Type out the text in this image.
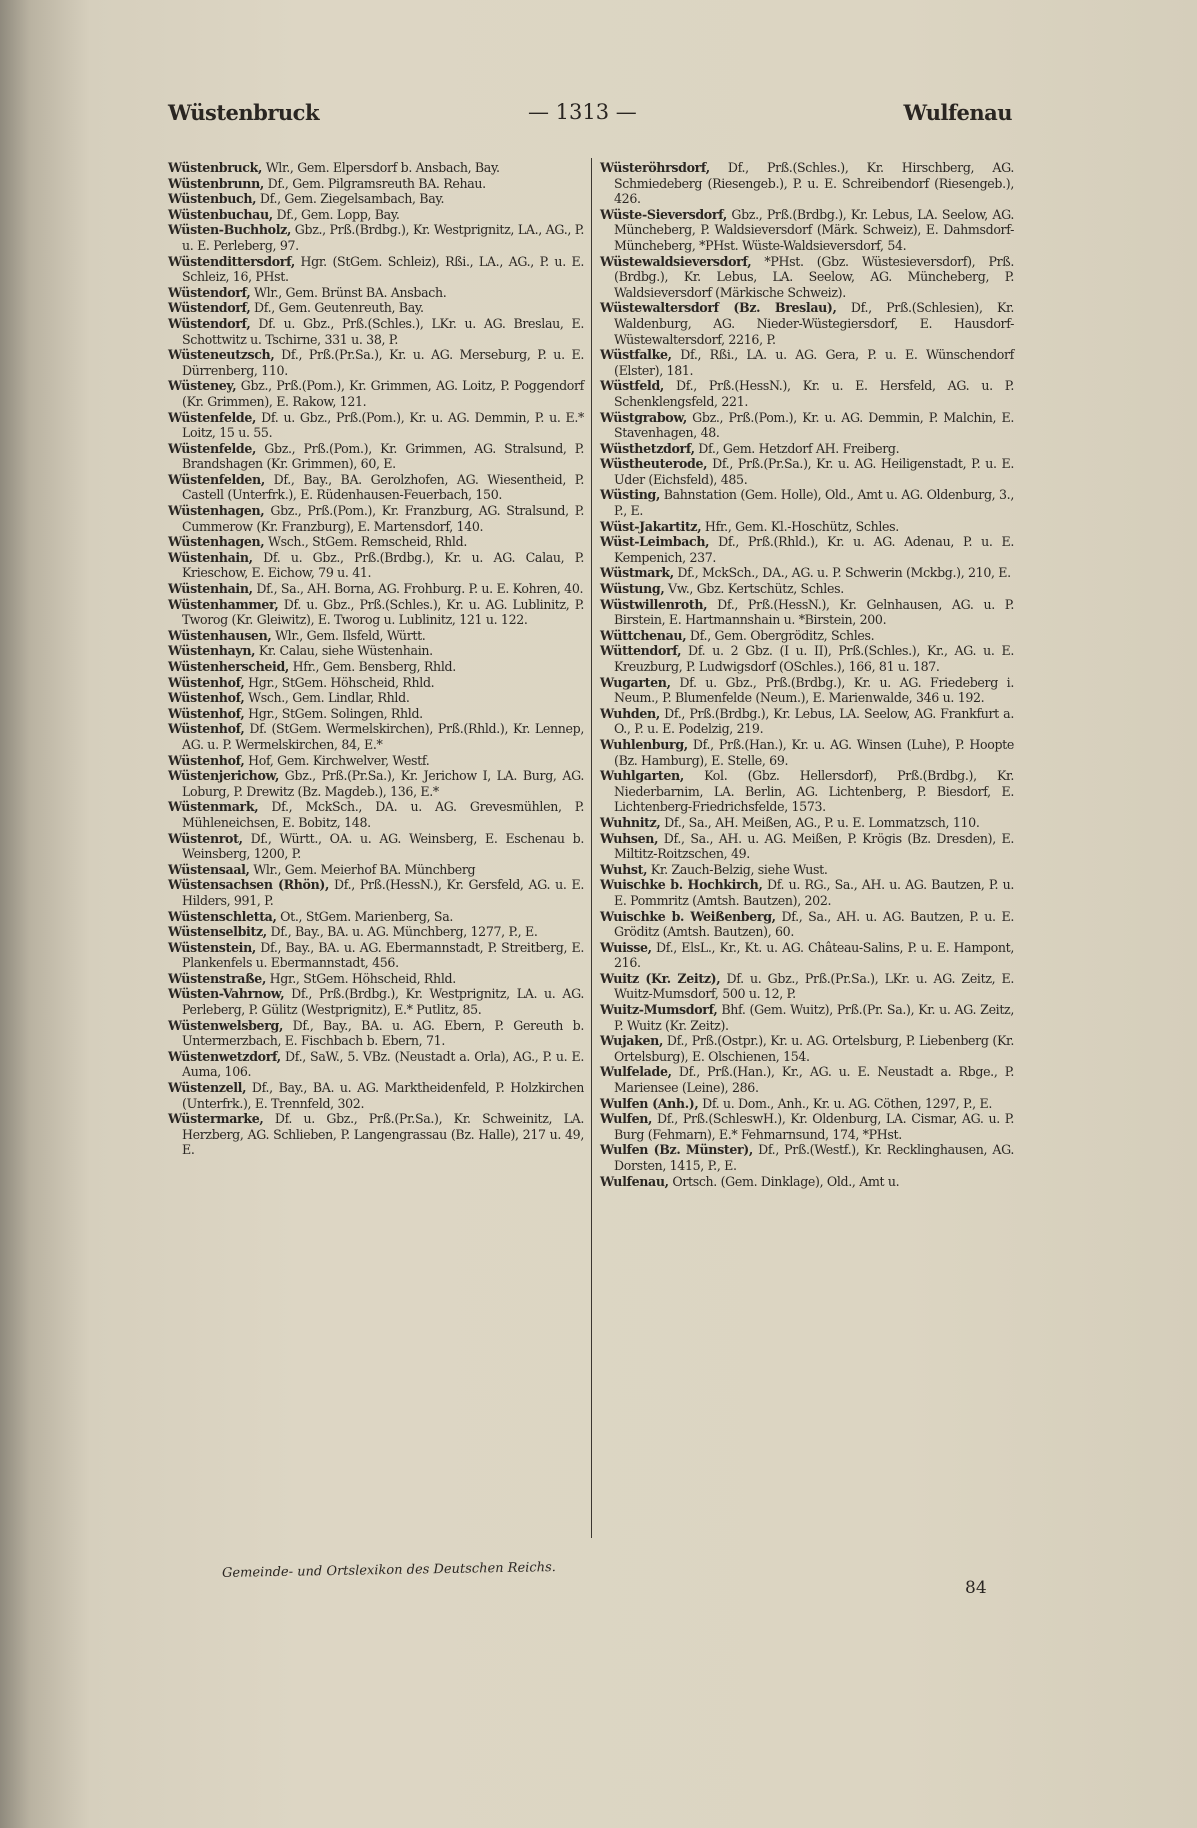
Wüstenbruck	— 1313 —	Wulfenau

Wüstenbruck, Wlr., Gem. Elpersdorf b. Ansbach, Bay.

Wüstenbrunn, Df., Gem. Pilgramsreuth BA. Rehau.

Wüstenbuch, Df., Gem. Ziegelsambach, Bay.

Wüstenbuchau, Df., Gem. Lopp, Bay.

Wüsten-Buchholz, Gbz., Prß.(Brdbg.), Kr. Westprignitz, LA., AG., P. u. E. Perleberg, 97.

Wüstendittersdorf, Hgr. (StGem. Schleiz), Rßi., LA., AG., P. u. E. Schleiz, 16, PHst.

Wüstendorf, Wlr., Gem. Brünst BA. Ansbach.

Wüstendorf, Df., Gem. Geutenreuth, Bay.

Wüstendorf, Df. u. Gbz., Prß.(Schles.), LKr. u. AG. Breslau, E. Schottwitz u. Tschirne, 331 u. 38, P.

Wüsteneutzsch, Df., Prß.(Pr.Sa.), Kr. u. AG. Merseburg, P. u. E. Dürrenberg, 110.

Wüsteney, Gbz., Prß.(Pom.), Kr. Grimmen, AG. Loitz, P. Poggendorf (Kr. Grimmen), E. Rakow, 121.

Wüstenfelde, Df. u. Gbz., Prß.(Pom.), Kr. u. AG. Demmin, P. u. E.* Loitz, 15 u. 55.

Wüstenfelde, Gbz., Prß.(Pom.), Kr. Grimmen, AG. Stralsund, P. Brandshagen (Kr. Grimmen), 60, E.

Wüstenfelden, Df., Bay., BA. Gerolzhofen, AG. Wiesentheid, P. Castell (Unterfrk.), E. Rüdenhausen-Feuerbach, 150.

Wüstenhagen, Gbz., Prß.(Pom.), Kr. Franzburg, AG. Stralsund, P. Cummerow (Kr. Franzburg), E. Martensdorf, 140.

Wüstenhagen, Wsch., StGem. Remscheid, Rhld.

Wüstenhain, Df. u. Gbz., Prß.(Brdbg.), Kr. u. AG. Calau, P. Krieschow, E. Eichow, 79 u. 41.

Wüstenhain, Df., Sa., AH. Borna, AG. Frohburg. P. u. E. Kohren, 40.

Wüstenhammer, Df. u. Gbz., Prß.(Schles.), Kr. u. AG. Lublinitz, P. Tworog (Kr. Gleiwitz), E. Tworog u. Lublinitz, 121 u. 122.

Wüstenhausen, Wlr., Gem. Ilsfeld, Württ.

Wüstenhayn, Kr. Calau, siehe Wüstenhain.

Wüstenherscheid, Hfr., Gem. Bensberg, Rhld.

Wüstenhof, Hgr., StGem. Höhscheid, Rhld.

Wüstenhof, Wsch., Gem. Lindlar, Rhld.

Wüstenhof, Hgr., StGem. Solingen, Rhld.

Wüstenhof, Df. (StGem. Wermelskirchen), Prß.(Rhld.), Kr. Lennep, AG. u. P. Wermelskirchen, 84, E.*

Wüstenhof, Hof, Gem. Kirchwelver, Westf.

Wüstenjerichow, Gbz., Prß.(Pr.Sa.), Kr. Jerichow I, LA. Burg, AG. Loburg, P. Drewitz (Bz. Magdeb.), 136, E.*

Wüstenmark, Df., MckSch., DA. u. AG. Grevesmühlen, P. Mühleneichsen, E. Bobitz, 148.

Wüstenrot, Df., Württ., OA. u. AG. Weinsberg, E. Eschenau b. Weinsberg, 1200, P.

Wüstensaal, Wlr., Gem. Meierhof BA. Münchberg

Wüstensachsen (Rhön), Df., Prß.(HessN.), Kr. Gersfeld, AG. u. E. Hilders, 991, P.

Wüstenschletta, Ot., StGem. Marienberg, Sa.

Wüstenselbitz, Df., Bay., BA. u. AG. Münchberg, 1277, P., E.

Wüstenstein, Df., Bay., BA. u. AG. Ebermannstadt, P. Streitberg, E. Plankenfels u. Ebermannstadt, 456.

Wüstenstraße, Hgr., StGem. Höhscheid, Rhld.

Wüsten-Vahrnow, Df., Prß.(Brdbg.), Kr. Westprignitz, LA. u. AG. Perleberg, P. Gülitz (Westprignitz), E.* Putlitz, 85.

Wüstenwelsberg, Df., Bay., BA. u. AG. Ebern, P. Gereuth b. Untermerzbach, E. Fischbach b. Ebern, 71.

Wüstenwetzdorf, Df., SaW., 5. VBz. (Neustadt a. Orla), AG., P. u. E. Auma, 106.

Wüstenzell, Df., Bay., BA. u. AG. Marktheidenfeld, P. Holzkirchen (Unterfrk.), E. Trennfeld, 302.

Wüstermarke, Df. u. Gbz., Prß.(Pr.Sa.), Kr. Schweinitz, LA. Herzberg, AG. Schlieben, P. Langengrassau (Bz. Halle), 217 u. 49, E.

Wüsteröhrsdorf, Df., Prß.(Schles.), Kr. Hirschberg, AG. Schmiedeberg (Riesengeb.), P. u. E. Schreibendorf (Riesengeb.), 426.

Wüste-Sieversdorf, Gbz., Prß.(Brdbg.), Kr. Lebus, LA. Seelow, AG. Müncheberg, P. Waldsieversdorf (Märk. Schweiz), E. Dahmsdorf-Müncheberg, *PHst. Wüste-Waldsieversdorf, 54.

Wüstewaldsieversdorf, *PHst. (Gbz. Wüstesieversdorf), Prß.(Brdbg.), Kr. Lebus, LA. Seelow, AG. Müncheberg, P. Waldsieversdorf (Märkische Schweiz).

Wüstewaltersdorf (Bz. Breslau), Df., Prß.(Schlesien), Kr. Waldenburg, AG. Nieder-Wüstegiersdorf, E. Hausdorf-Wüstewaltersdorf, 2216, P.

Wüstfalke, Df., Rßi., LA. u. AG. Gera, P. u. E. Wünschendorf (Elster), 181.

Wüstfeld, Df., Prß.(HessN.), Kr. u. E. Hersfeld, AG. u. P. Schenklengsfeld, 221.

Wüstgrabow, Gbz., Prß.(Pom.), Kr. u. AG. Demmin, P. Malchin, E. Stavenhagen, 48.

Wüsthetzdorf, Df., Gem. Hetzdorf AH. Freiberg.

Wüstheuterode, Df., Prß.(Pr.Sa.), Kr. u. AG. Heiligenstadt, P. u. E. Uder (Eichsfeld), 485.

Wüsting, Bahnstation (Gem. Holle), Old., Amt u. AG. Oldenburg, 3., P., E.

Wüst-Jakartitz, Hfr., Gem. Kl.-Hoschütz, Schles.

Wüst-Leimbach, Df., Prß.(Rhld.), Kr. u. AG. Adenau, P. u. E. Kempenich, 237.

Wüstmark, Df., MckSch., DA., AG. u. P. Schwerin (Mckbg.), 210, E.

Wüstung, Vw., Gbz. Kertschütz, Schles.

Wüstwillenroth, Df., Prß.(HessN.), Kr. Gelnhausen, AG. u. P. Birstein, E. Hartmannshain u. *Birstein, 200.

Wüttchenau, Df., Gem. Obergröditz, Schles.

Wüttendorf, Df. u. 2 Gbz. (I u. II), Prß.(Schles.), Kr., AG. u. E. Kreuzburg, P. Ludwigsdorf (OSchles.), 166, 81 u. 187.

Wugarten, Df. u. Gbz., Prß.(Brdbg.), Kr. u. AG. Friedeberg i. Neum., P. Blumenfelde (Neum.), E. Marienwalde, 346 u. 192.

Wuhden, Df., Prß.(Brdbg.), Kr. Lebus, LA. Seelow, AG. Frankfurt a. O., P. u. E. Podelzig, 219.

Wuhlenburg, Df., Prß.(Han.), Kr. u. AG. Winsen (Luhe), P. Hoopte (Bz. Hamburg), E. Stelle, 69.

Wuhlgarten, Kol. (Gbz. Hellersdorf), Prß.(Brdbg.), Kr. Niederbarnim, LA. Berlin, AG. Lichtenberg, P. Biesdorf, E. Lichtenberg-Friedrichsfelde, 1573.

Wuhnitz, Df., Sa., AH. Meißen, AG., P. u. E. Lommatzsch, 110.

Wuhsen, Df., Sa., AH. u. AG. Meißen, P. Krögis (Bz. Dresden), E. Miltitz-Roitzschen, 49.

Wuhst, Kr. Zauch-Belzig, siehe Wust.

Wuischke b. Hochkirch, Df. u. RG., Sa., AH. u. AG. Bautzen, P. u. E. Pommritz (Amtsh. Bautzen), 202.

Wuischke b. Weißenberg, Df., Sa., AH. u. AG. Bautzen, P. u. E. Gröditz (Amtsh. Bautzen), 60.

Wuisse, Df., ElsL., Kr., Kt. u. AG. Château-Salins, P. u. E. Hampont, 216.

Wuitz (Kr. Zeitz), Df. u. Gbz., Prß.(Pr.Sa.), LKr. u. AG. Zeitz, E. Wuitz-Mumsdorf, 500 u. 12, P.

Wuitz-Mumsdorf, Bhf. (Gem. Wuitz), Prß.(Pr. Sa.), Kr. u. AG. Zeitz, P. Wuitz (Kr. Zeitz).

Wujaken, Df., Prß.(Ostpr.), Kr. u. AG. Ortelsburg, P. Liebenberg (Kr. Ortelsburg), E. Olschienen, 154.

Wulfelade, Df., Prß.(Han.), Kr., AG. u. E. Neustadt a. Rbge., P. Mariensee (Leine), 286.

Wulfen (Anh.), Df. u. Dom., Anh., Kr. u. AG. Cöthen, 1297, P., E.

Wulfen, Df., Prß.(SchleswH.), Kr. Oldenburg, LA. Cismar, AG. u. P. Burg (Fehmarn), E.* Fehmarnsund, 174, *PHst.

Wulfen (Bz. Münster), Df., Prß.(Westf.), Kr. Recklinghausen, AG. Dorsten, 1415, P., E.

Wulfenau, Ortsch. (Gem. Dinklage), Old., Amt u.

Gemeinde- und Ortslexikon des Deutschen Reichs.
84
